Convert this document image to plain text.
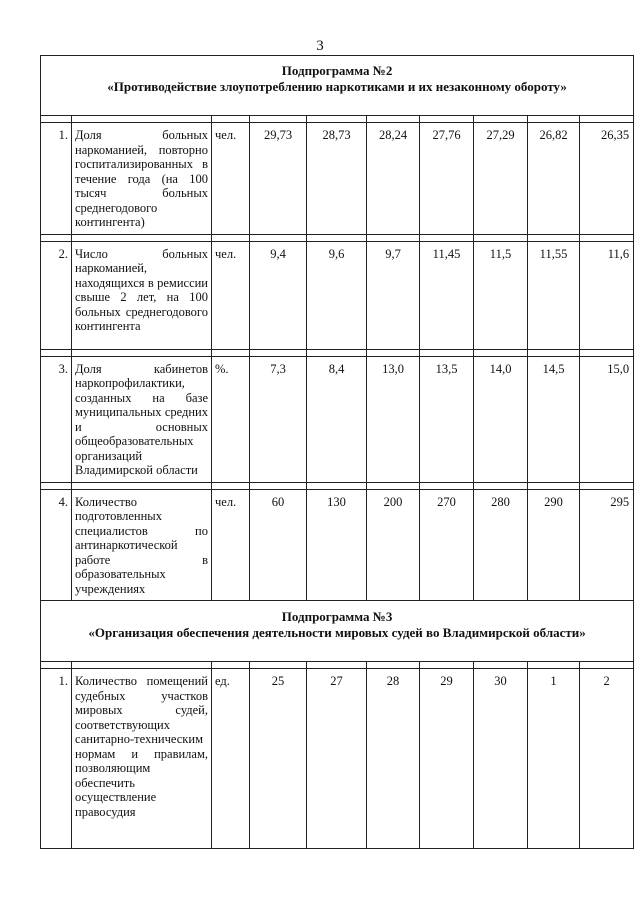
3
Подпрограмма №2
«Противодействие злоупотреблению наркотиками и их незаконному обороту»									

1.	Доля больных наркоманией, повторно госпитализированных в течение года (на 100 тысяч больных среднегодового контингента)	чел.	29,73	28,73	28,24	27,76	27,29	26,82	26,35

2.	Число больных наркоманией, находящихся в ремиссии свыше 2 лет, на 100 больных среднегодового контингента	чел.	9,4	9,6	9,7	11,45	11,5	11,55	11,6

3.	Доля кабинетов наркопрофилактики, созданных на базе муниципальных средних и основных общеобразовательных организаций Владимирской области	%.	7,3	8,4	13,0	13,5	14,0	14,5	15,0

4.	Количество подготовленных специалистов по антинаркотической работе в образовательных учреждениях	чел.	60	130	200	270	280	290	295

Подпрограмма №3
«Организация обеспечения деятельности мировых судей во Владимирской области»									

1.	Количество помещений судебных участков мировых судей, соответствующих санитарно-техническим нормам и правилам, позволяющим обеспечить осуществление правосудия	ед.	25	27	28	29	30	1	2
